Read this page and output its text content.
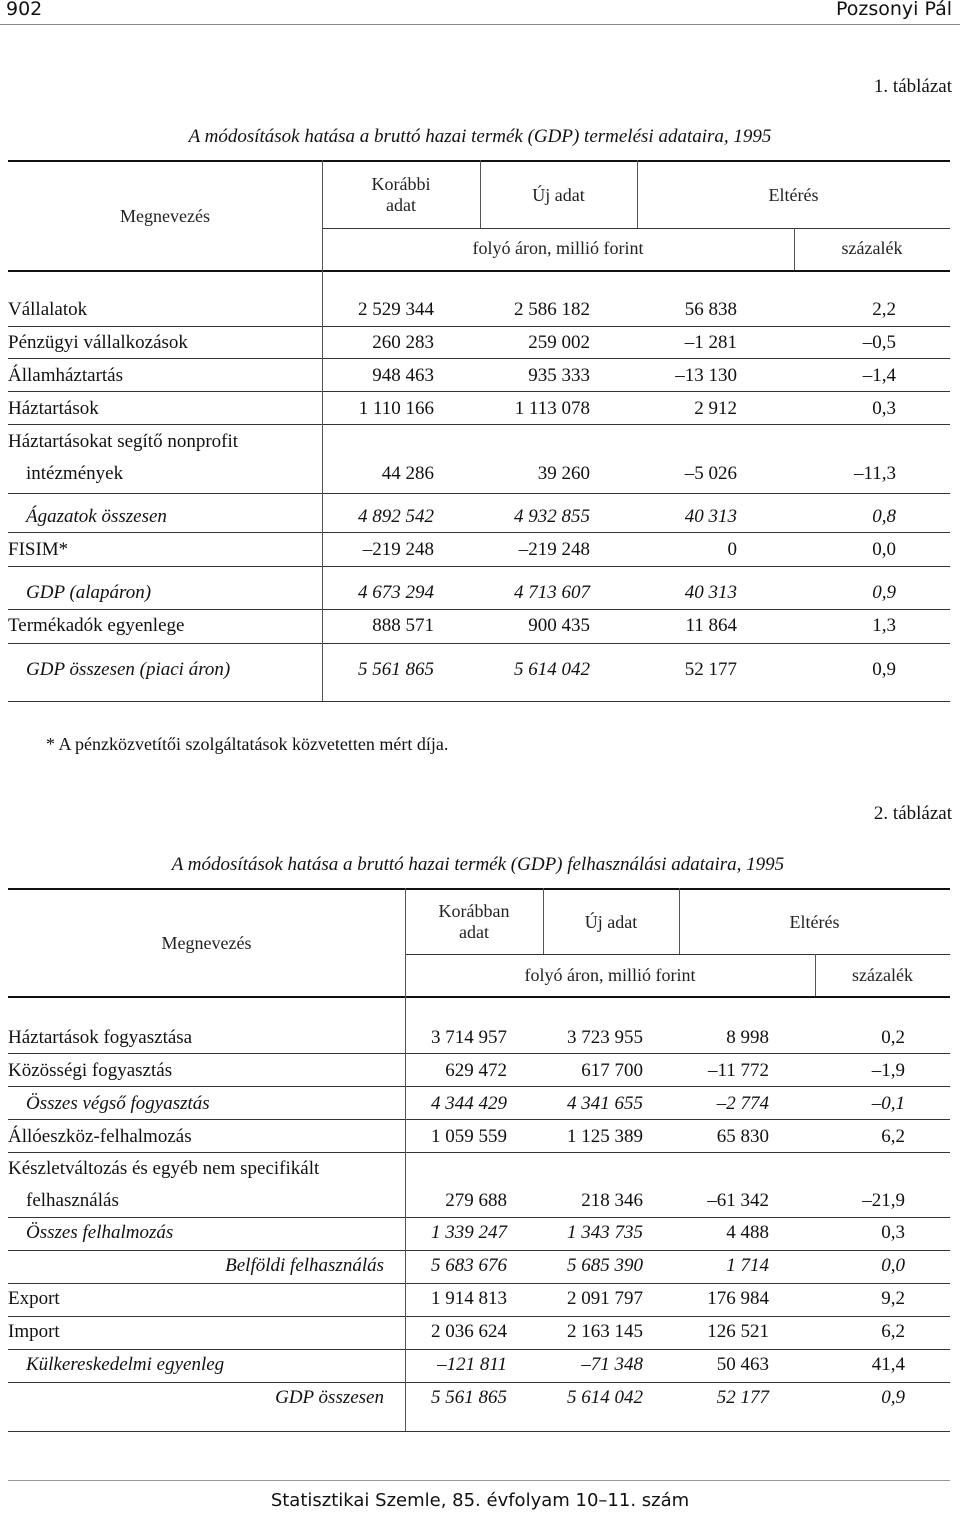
902	Pozsonyi Pál
1. táblázat
A módosítások hatása a bruttó hazai termék (GDP) termelési adataira, 1995
Megnevezés
Korábbi
adat	Új adat	Eltérés
folyó áron, millió forint	százalék
Vállalatok	2 529 344	2 586 182	56 838	2,2
Pénzügyi vállalkozások	260 283	259 002	–1 281	–0,5
Államháztartás	948 463	935 333	–13 130	–1,4
Háztartások	1 110 166	1 113 078	2 912	0,3
Háztartásokat segítő nonprofit
intézmények	44 286	39 260	–5 026	–11,3
Ágazatok összesen	4 892 542	4 932 855	40 313	0,8
FISIM*	–219 248	–219 248	0	0,0
GDP (alapáron)	4 673 294	4 713 607	40 313	0,9
Termékadók egyenlege	888 571	900 435	11 864	1,3
GDP összesen (piaci áron)	5 561 865	5 614 042	52 177	0,9
* A pénzközvetítői szolgáltatások közvetetten mért díja.
2. táblázat
A módosítások hatása a bruttó hazai termék (GDP) felhasználási adataira, 1995
Megnevezés
Korábban
adat	Új adat	Eltérés
folyó áron, millió forint	százalék
Háztartások fogyasztása	3 714 957	3 723 955	8 998	0,2
Közösségi fogyasztás	629 472	617 700	–11 772	–1,9
Összes végső fogyasztás	4 344 429	4 341 655	–2 774	–0,1
Állóeszköz-felhalmozás	1 059 559	1 125 389	65 830	6,2
Készletváltozás és egyéb nem specifikált
felhasználás	279 688	218 346	–61 342	–21,9
Összes felhalmozás	1 339 247	1 343 735	4 488	0,3
Belföldi felhasználás	5 683 676	5 685 390	1 714	0,0
Export	1 914 813	2 091 797	176 984	9,2
Import	2 036 624	2 163 145	126 521	6,2
Külkereskedelmi egyenleg	–121 811	–71 348	50 463	41,4
GDP összesen	5 561 865	5 614 042	52 177	0,9
Statisztikai Szemle, 85. évfolyam 10–11. szám
